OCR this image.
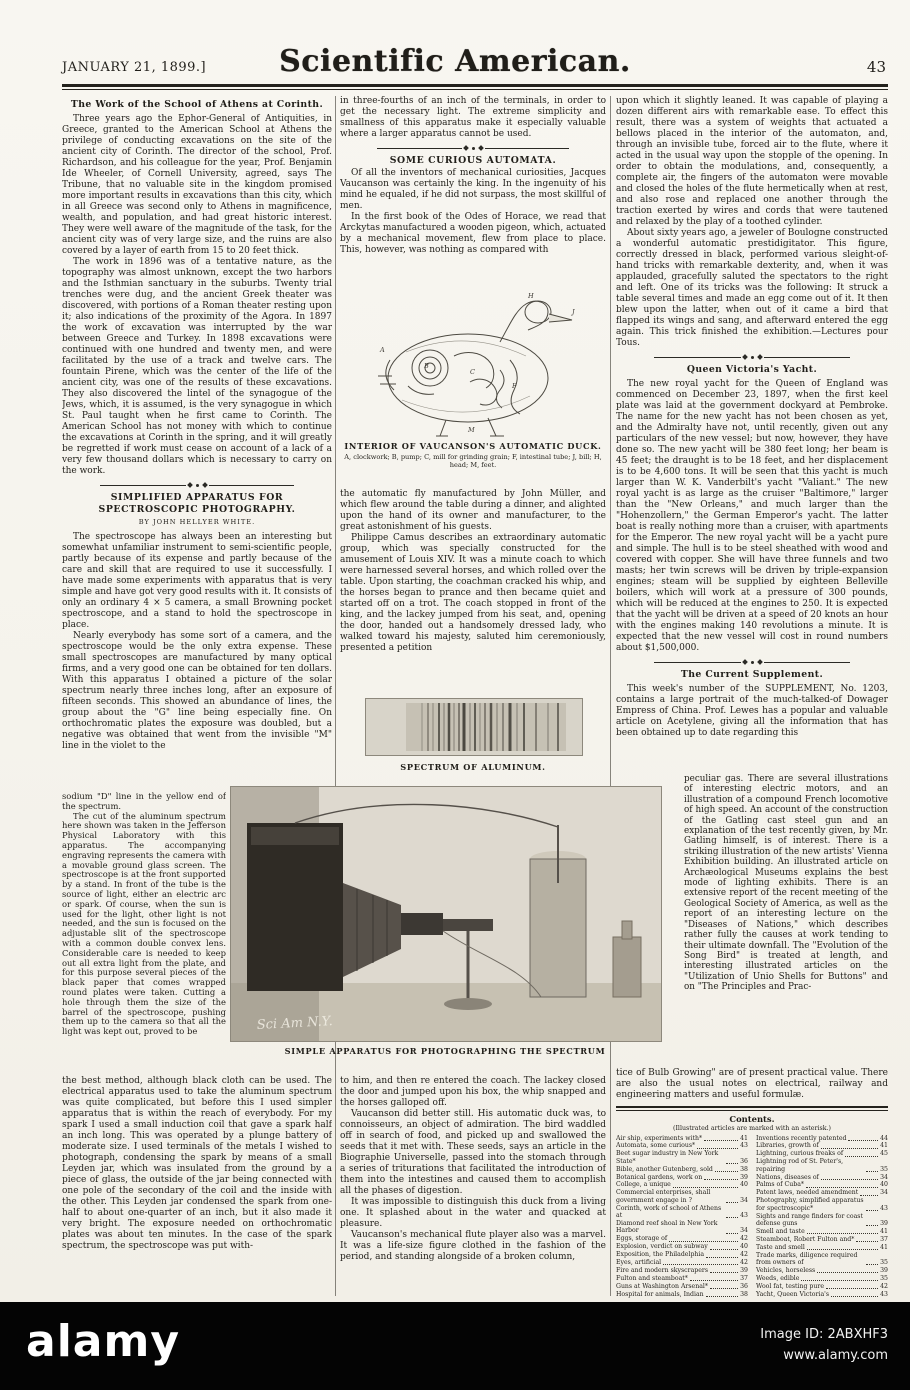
JANUARY 21, 1899.]	Scientific American.	43

The Work of the School of Athens at Corinth.

Three years ago the Ephor-General of Antiquities, in Greece, granted to the American School at Athens the privilege of conducting excavations on the site of the ancient city of Corinth. The director of the school, Prof. Richardson, and his colleague for the year, Prof. Benjamin Ide Wheeler, of Cornell University, agreed, says The Tribune, that no valuable site in the kingdom promised more important results in excavations than this city, which in all Greece was second only to Athens in magnificence, wealth, and population, and had great historic interest. They were well aware of the magnitude of the task, for the ancient city was of very large size, and the ruins are also covered by a layer of earth from 15 to 20 feet thick.

The work in 1896 was of a tentative nature, as the topography was almost unknown, except the two harbors and the Isthmian sanctuary in the suburbs. Twenty trial trenches were dug, and the ancient Greek theater was discovered, with portions of a Roman theater resting upon it; also indications of the proximity of the Agora. In 1897 the work of excavation was interrupted by the war between Greece and Turkey. In 1898 excavations were continued with one hundred and twenty men, and were facilitated by the use of a track and twelve cars. The fountain Pirene, which was the center of the life of the ancient city, was one of the results of these excavations. They also discovered the lintel of the synagogue of the Jews, which, it is assumed, is the very synagogue in which St. Paul taught when he first came to Corinth. The American School has not money with which to continue the excavations at Corinth in the spring, and it will greatly be regretted if work must cease on account of a lack of a very few thousand dollars which is necessary to carry on the work.

SIMPLIFIED APPARATUS FOR SPECTROSCOPIC PHOTOGRAPHY.

BY JOHN HELLYER WHITE.

The spectroscope has always been an interesting but somewhat unfamiliar instrument to semi-scientific people, partly because of its expense and partly because of the care and skill that are required to use it successfully. I have made some experiments with apparatus that is very simple and have got very good results with it. It consists of only an ordinary 4 × 5 camera, a small Browning pocket spectroscope, and a stand to hold the spectroscope in place.

Nearly everybody has some sort of a camera, and the spectroscope would be the only extra expense. These small spectroscopes are manufactured by many optical firms, and a very good one can be obtained for ten dollars. With this apparatus I obtained a picture of the solar spectrum nearly three inches long, after an exposure of fifteen seconds. This showed an abundance of lines, the group about the "G" line being especially fine. On orthochromatic plates the exposure was doubled, but a negative was obtained that went from the invisible "M" line in the violet to the

sodium "D" line in the yellow end of the spectrum.

The cut of the aluminum spectrum here shown was taken in the Jefferson Physical Laboratory with this apparatus. The accompanying engraving represents the camera with a movable ground glass screen. The spectroscope is at the front supported by a stand. In front of the tube is the source of light, either an electric arc or spark. Of course, when the sun is used for the light, other light is not needed, and the sun is focused on the adjustable slit of the spectroscope with a common double convex lens. Considerable care is needed to keep out all extra light from the plate, and for this purpose several pieces of the black paper that comes wrapped round plates were taken. Cutting a hole through them the size of the barrel of the spectroscope, pushing them up to the camera so that all the light was kept out, proved to be

the best method, although black cloth can be used. The electrical apparatus used to take the aluminum spectrum was quite complicated, but before this I used simpler apparatus that is within the reach of everybody. For my spark I used a small induction coil that gave a spark half an inch long. This was operated by a plunge battery of moderate size. I used terminals of the metals I wished to photograph, condensing the spark by means of a small Leyden jar, which was insulated from the ground by a piece of glass, the outside of the jar being connected with one pole of the secondary of the coil and the inside with the other. This Leyden jar condensed the spark from one-half to about one-quarter of an inch, but it also made it very bright. The exposure needed on orthochromatic plates was about ten minutes. In the case of the spark spectrum, the spectroscope was put with-

in three-fourths of an inch of the terminals, in order to get the necessary light. The extreme simplicity and smallness of this apparatus make it especially valuable where a larger apparatus cannot be used.

SOME CURIOUS AUTOMATA.

Of all the inventors of mechanical curiosities, Jacques Vaucanson was certainly the king. In the ingenuity of his mind he equaled, if he did not surpass, the most skillful of men.

In the first book of the Odes of Horace, we read that Arckytas manufactured a wooden pigeon, which, actuated by a mechanical movement, flew from place to place. This, however, was nothing as compared with

H
J
A
B
C
F
M
INTERIOR OF VAUCANSON'S AUTOMATIC DUCK.
A, clockwork; B, pump; C, mill for grinding grain; F, intestinal tube; J, bill; H, head; M, feet.

the automatic fly manufactured by John Müller, and which flew around the table during a dinner, and alighted upon the hand of its owner and manufacturer, to the great astonishment of his guests.

Philippe Camus describes an extraordinary automatic group, which was specially constructed for the amusement of Louis XIV. It was a minute coach to which were harnessed several horses, and which rolled over the table. Upon starting, the coachman cracked his whip, and the horses began to prance and then became quiet and started off on a trot. The coach stopped in front of the king, and the lackey jumped from his seat, and, opening the door, handed out a handsomely dressed lady, who walked toward his majesty, saluted him ceremoniously, presented a petition

SPECTRUM OF ALUMINUM.
Sci Am N.Y.
SIMPLE APPARATUS FOR PHOTOGRAPHING THE SPECTRUM

to him, and then re entered the coach. The lackey closed the door and jumped upon his box, the whip snapped and the horses galloped off.

Vaucanson did better still. His automatic duck was, to connoisseurs, an object of admiration. The bird waddled off in search of food, and picked up and swallowed the seeds that it met with. These seeds, says an article in the Biographie Universelle, passed into the stomach through a series of triturations that facilitated the introduction of them into the intestines and caused them to accomplish all the phases of digestion.

It was impossible to distinguish this duck from a living one. It splashed about in the water and quacked at pleasure.

Vaucanson's mechanical flute player also was a marvel. It was a life-size figure clothed in the fashion of the period, and standing alongside of a broken column,

upon which it slightly leaned. It was capable of playing a dozen different airs with remarkable ease. To effect this result, there was a system of weights that actuated a bellows placed in the interior of the automaton, and, through an invisible tube, forced air to the flute, where it acted in the usual way upon the stopple of the opening. In order to obtain the modulations, and, consequently, a complete air, the fingers of the automaton were movable and closed the holes of the flute hermetically when at rest, and also rose and replaced one another through the traction exerted by wires and cords that were tautened and relaxed by the play of a toothed cylinder.

About sixty years ago, a jeweler of Boulogne constructed a wonderful automatic prestidigitator. This figure, correctly dressed in black, performed various sleight-of-hand tricks with remarkable dexterity, and, when it was applauded, gracefully saluted the spectators to the right and left. One of its tricks was the following: It struck a table several times and made an egg come out of it. It then blew upon the latter, when out of it came a bird that flapped its wings and sang, and afterward entered the egg again. This trick finished the exhibition.—Lectures pour Tous.

Queen Victoria's Yacht.

The new royal yacht for the Queen of England was commenced on December 23, 1897, when the first keel plate was laid at the government dockyard at Pembroke. The name for the new yacht has not been chosen as yet, and the Admiralty have not, until recently, given out any particulars of the new vessel; but now, however, they have done so. The new yacht will be 380 feet long; her beam is 45 feet; the draught is to be 18 feet, and her displacement is to be 4,600 tons. It will be seen that this yacht is much larger than W. K. Vanderbilt's yacht "Valiant." The new royal yacht is as large as the cruiser "Baltimore," larger than the "New Orleans," and much larger than the "Hohenzollern," the German Emperor's yacht. The latter boat is really nothing more than a cruiser, with apartments for the Emperor. The new royal yacht will be a yacht pure and simple. The hull is to be steel sheathed with wood and covered with copper. She will have three funnels and two masts; her twin screws will be driven by triple-expansion engines; steam will be supplied by eighteen Belleville boilers, which will work at a pressure of 300 pounds, which will be reduced at the engines to 250. It is expected that the yacht will be driven at a speed of 20 knots an hour with the engines making 140 revolutions a minute. It is expected that the new vessel will cost in round numbers about $1,500,000.

The Current Supplement.

This week's number of the SUPPLEMENT, No. 1203, contains a large portrait of the much-talked-of Dowager Empress of China. Prof. Lewes has a popular and valuable article on Acetylene, giving all the information that has been obtained up to date regarding this

peculiar gas. There are several illustrations of interesting electric motors, and an illustration of a compound French locomotive of high speed. An account of the construction of the Gatling cast steel gun and an explanation of the test recently given, by Mr. Gatling himself, is of interest. There is a striking illustration of the new artists' Vienna Exhibition building. An illustrated article on Archæological Museums explains the best mode of lighting exhibits. There is an extensive report of the recent meeting of the Geological Society of America, as well as the report of an interesting lecture on the "Diseases of Nations," which describes rather fully the causes at work tending to their ultimate downfall. The "Evolution of the Song Bird" is treated at length, and interesting illustrated articles on the "Utilization of Unio Shells for Buttons" and on "The Principles and Prac-

tice of Bulb Growing" are of present practical value. There are also the usual notes on electrical, railway and engineering matters and useful formulæ.

Contents.
(Illustrated articles are marked with an asterisk.)
Air ship, experiments with*	41
Automata, some curious*	43
Beet sugar industry in New York State*	36
Bible, another Gutenberg, sold	38
Botanical gardens, work on	39
College, a unique	40
Commercial enterprises, shall government engage in ?	34
Corinth, work of school of Athens at	43
Diamond reef shoal in New York Harbor	34
Eggs, storage of	42
Explosion, verdict on subway	40
Exposition, the Philadelphia	42
Eyes, artificial	42
Fire and modern skyscrapers	39
Fulton and steamboat*	37
Guns at Washington Arsenal*	36
Hospital for animals, Indian	38
Inventions recently patented	44
Libraries, growth of	41
Lightning, curious freaks of	45
Lightning rod of St. Peter's, repairing	35
Nations, diseases of	34
Palms of Cuba*	40
Patent laws, needed amendment	34
Photography, simplified apparatus for spectroscopic*	43
Sights and range finders for coast defense guns	39
Smell and taste	41
Steamboat, Robert Fulton and*	37
Taste and smell	41
Trade marks, diligence required from owners of	35
Vehicles, horseless	39
Weeds, edible	35
Wool fat, testing pure	42
Yacht, Queen Victoria's	43
alamy	Image ID: 2ABXHF3
www.alamy.com
